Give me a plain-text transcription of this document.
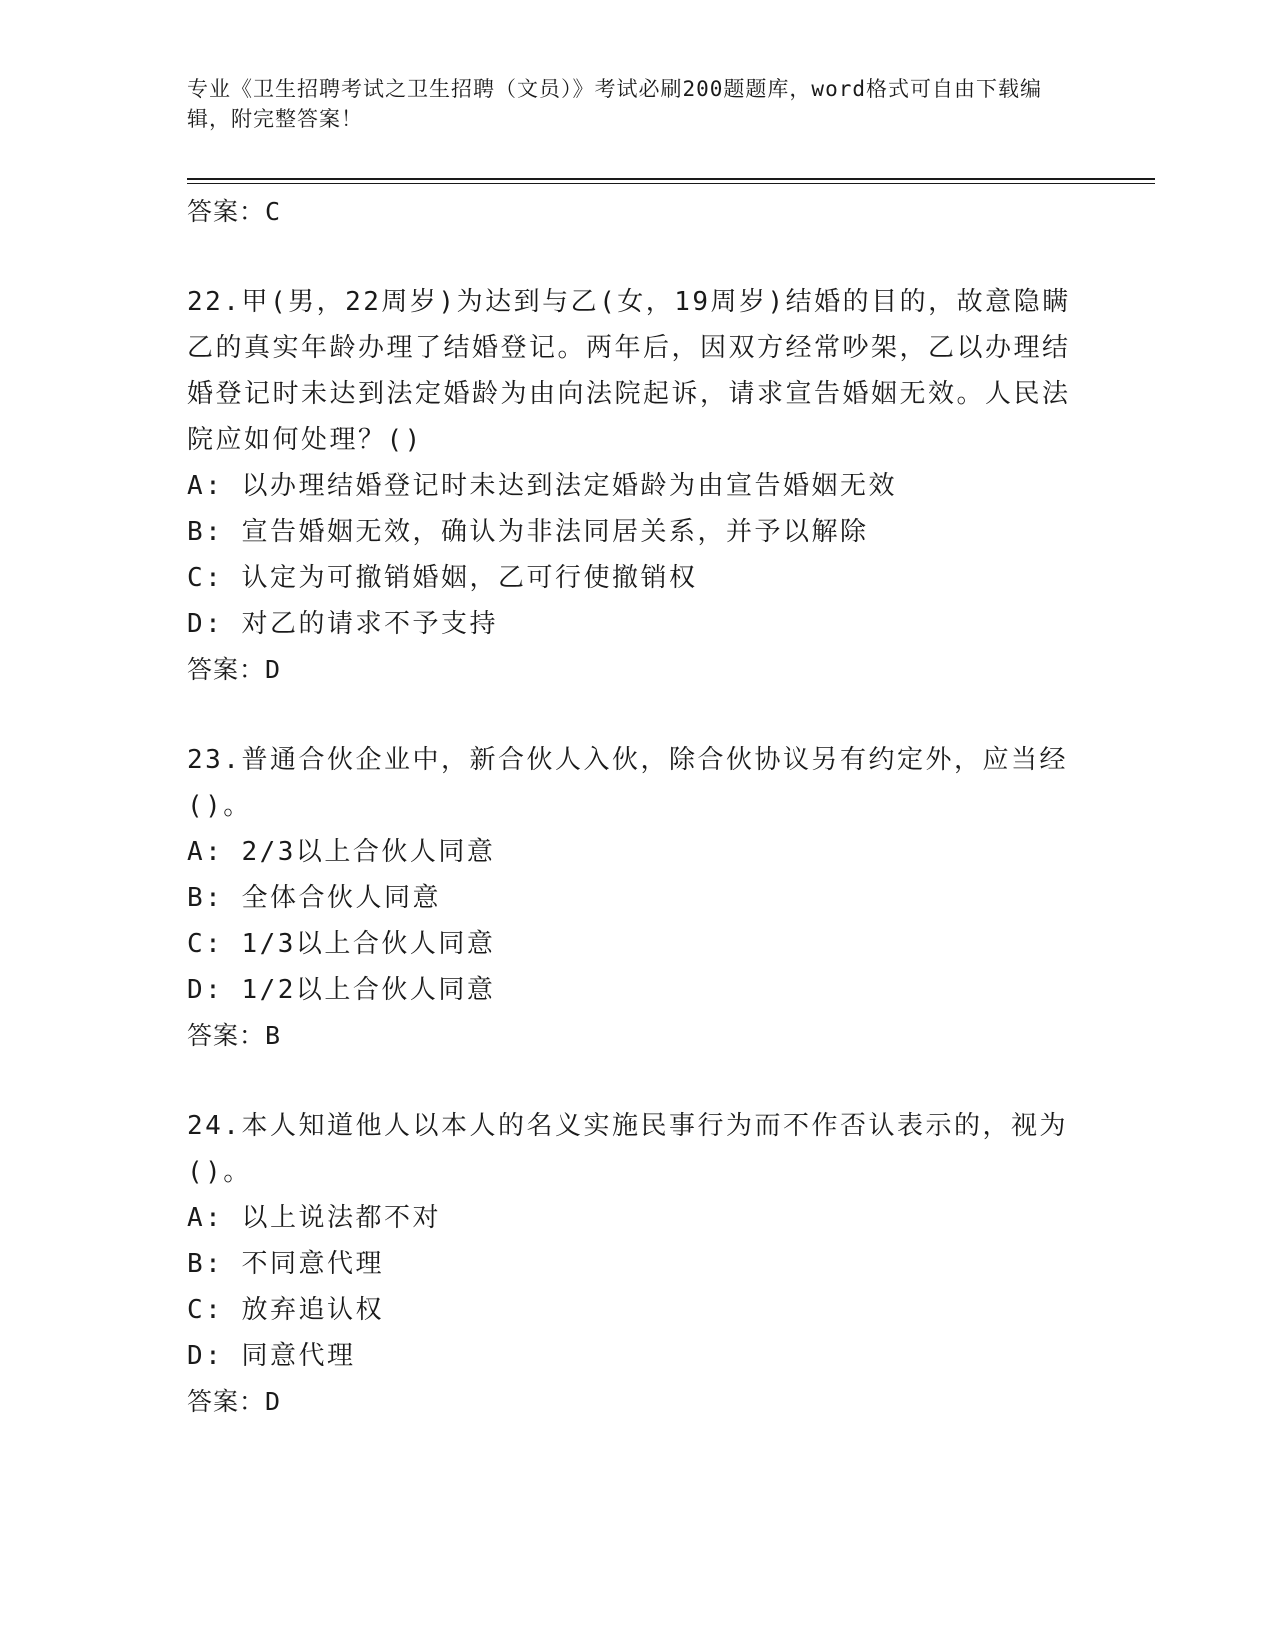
专业《卫生招聘考试之卫生招聘（文员）》考试必刷200题题库，word格式可自由下载编辑，附完整答案！

答案：C

22.甲(男，22周岁)为达到与乙(女，19周岁)结婚的目的，故意隐瞒乙的真实年龄办理了结婚登记。两年后，因双方经常吵架，乙以办理结婚登记时未达到法定婚龄为由向法院起诉，请求宣告婚姻无效。人民法院应如何处理？()

A: 以办理结婚登记时未达到法定婚龄为由宣告婚姻无效

B: 宣告婚姻无效，确认为非法同居关系，并予以解除

C: 认定为可撤销婚姻，乙可行使撤销权

D: 对乙的请求不予支持

答案：D

23.普通合伙企业中，新合伙人入伙，除合伙协议另有约定外，应当经()。

A: 2/3以上合伙人同意

B: 全体合伙人同意

C: 1/3以上合伙人同意

D: 1/2以上合伙人同意

答案：B

24.本人知道他人以本人的名义实施民事行为而不作否认表示的，视为()。

A: 以上说法都不对

B: 不同意代理

C: 放弃追认权

D: 同意代理

答案：D
